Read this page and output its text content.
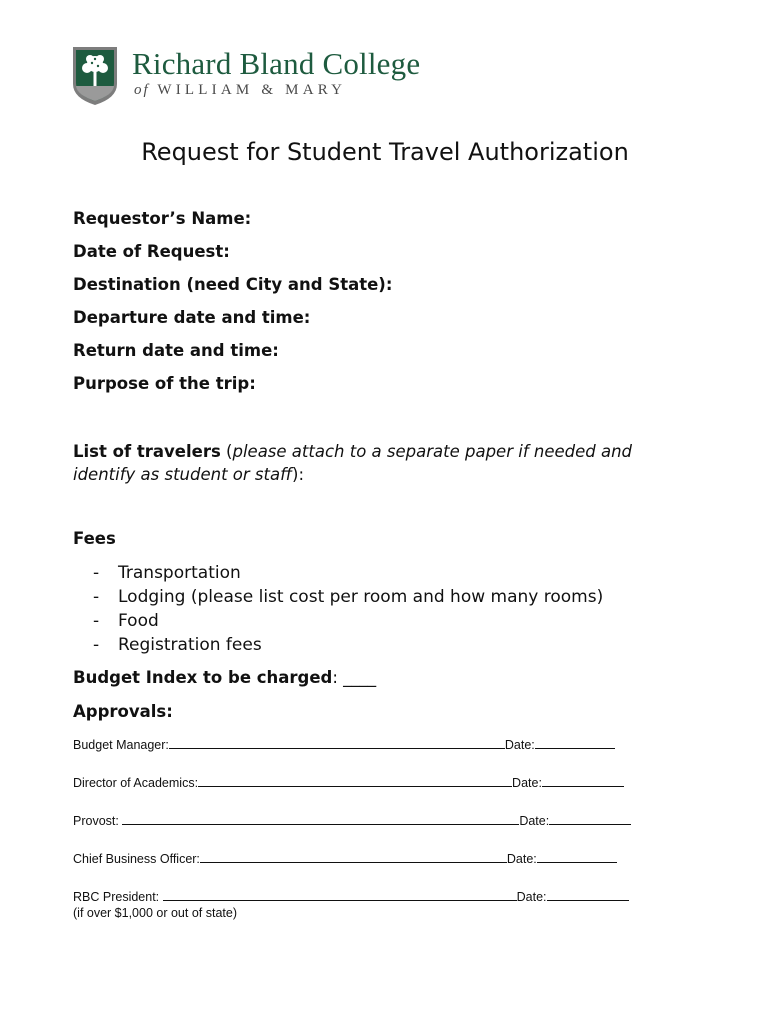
Richard Bland College
of WILLIAM & MARY
Request for Student Travel Authorization
Requestor’s Name:
Date of Request:
Destination (need City and State):
Departure date and time:
Return date and time:
Purpose of the trip:
List of travelers (please attach to a separate paper if needed and identify as student or staff):
Fees
- Transportation
- Lodging (please list cost per room and how many rooms)
- Food
- Registration fees
Budget Index to be charged: ____
Approvals:
Budget Manager:	Date:
Director of Academics:	Date:
Provost:	Date:
Chief Business Officer:	Date:
RBC President:	Date:
(if over $1,000 or out of state)
